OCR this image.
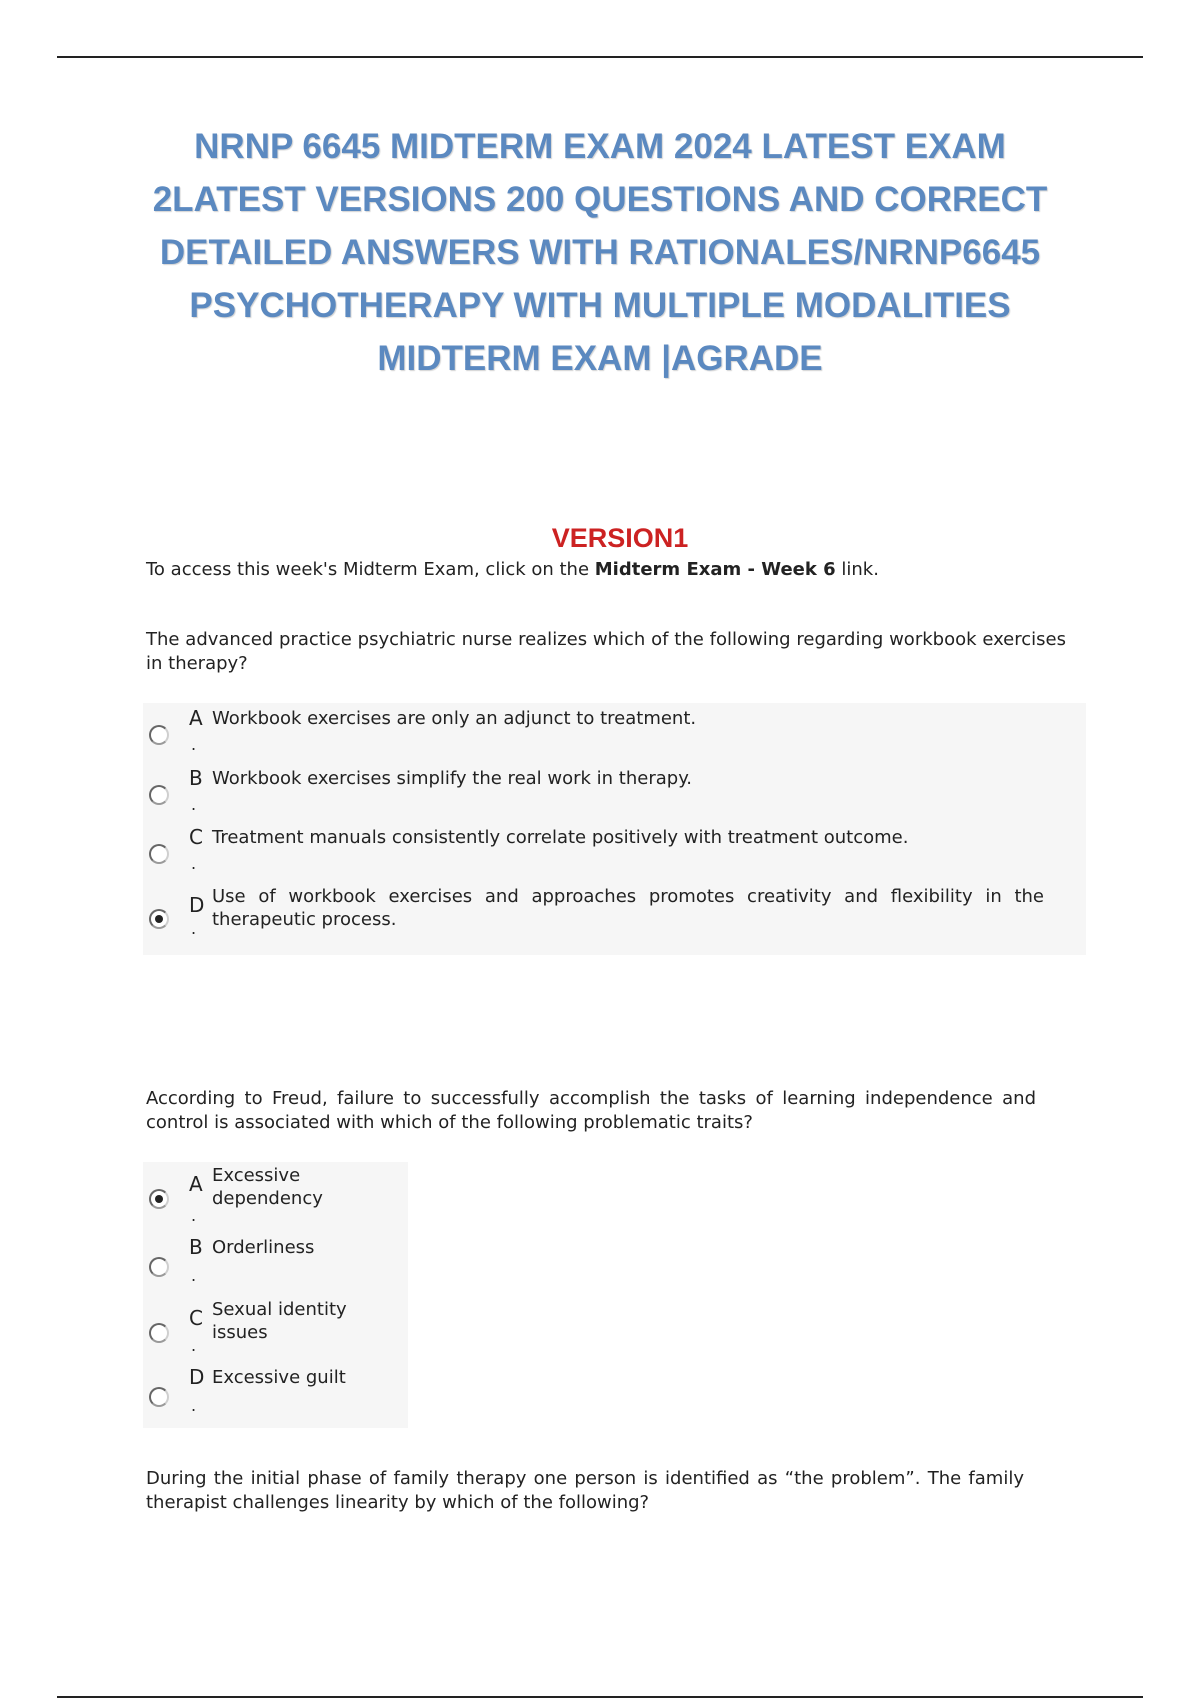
NRNP 6645 MIDTERM EXAM 2024 LATEST EXAM 2LATEST VERSIONS 200 QUESTIONS AND CORRECT DETAILED ANSWERS WITH RATIONALES/NRNP6645 PSYCHOTHERAPY WITH MULTIPLE MODALITIES MIDTERM EXAM |AGRADE
VERSION1
To access this week's Midterm Exam, click on the Midterm Exam - Week 6 link.

The advanced practice psychiatric nurse realizes which of the following regarding workbook exercises in therapy?

A
.
Workbook exercises are only an adjunct to treatment.
B
.
Workbook exercises simplify the real work in therapy.
C
.
Treatment manuals consistently correlate positively with treatment outcome.
D
.
Use of workbook exercises and approaches promotes creativity and flexibility in the therapeutic process.

According to Freud, failure to successfully accomplish the tasks of learning independence and control is associated with which of the following problematic traits?

A
.
Excessive dependency
B
.
Orderliness
C
.
Sexual identity issues
D
.
Excessive guilt

During the initial phase of family therapy one person is identified as “the problem”. The family therapist challenges linearity by which of the following?
